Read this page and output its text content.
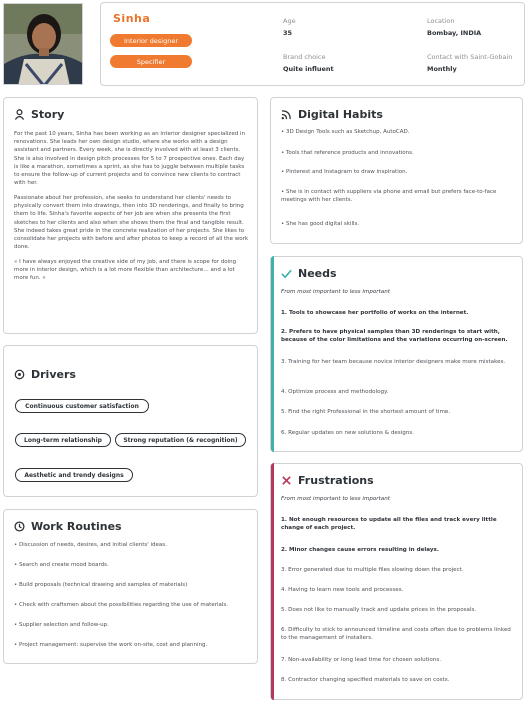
Sinha
Interior designer
Specifier
Age
35
Location
Bombay, INDIA
Brand choice
Quite influent
Contact with Saint-Gobain
Monthly
Story

For the past 10 years, Sinha has been working as an interior designer specialized in renovations. She leads her own design studio, where she works with a design assistant and partners. Every week, she is directly involved with at least 3 clients. She is also involved in design pitch processes for 5 to 7 prospective ones. Each day is like a marathon, sometimes a sprint, as she has to juggle between multiple tasks to ensure the follow-up of current projects and to convince new clients to contract with her.

Passionate about her profession, she seeks to understand her clients' needs to physically convert them into drawings, then into 3D renderings, and finally to bring them to life. Sinha's favorite aspects of her job are when she presents the first sketches to her clients and also when she shows them the final and tangible result. She indeed takes great pride in the concrete realization of her projects. She likes to consolidate her projects with before and after photos to keep a record of all the work done.

« I have always enjoyed the creative side of my job, and there is scope for doing more in interior design, which is a lot more flexible than architecture… and a lot more fun. »

Digital Habits
• 3D Design Tools such as Sketchup, AutoCAD.
• Tools that reference products and innovations.
• Pinterest and Instagram to draw inspiration.
• She is in contact with suppliers via phone and email but prefers face-to-face meetings with her clients.
• She has good digital skills.
Drivers
Continuous customer satisfaction
Long-term relationship	Strong reputation (& recognition)
Aesthetic and trendy designs
Needs
From most important to less important
1. Tools to showcase her portfolio of works on the internet.
2. Prefers to have physical samples than 3D renderings to start with, because of the color limitations and the variations occurring on-screen.
3. Training for her team because novice interior designers make more mistakes.
4. Optimize process and methodology.
5. Find the right Professional in the shortest amount of time.
6. Regular updates on new solutions & designs.
Work Routines
• Discussion of needs, desires, and initial clients' ideas.
• Search and create mood boards.
• Build proposals (technical drawing and samples of materials)
• Check with craftsmen about the possibilities regarding the use of materials.
• Supplier selection and follow-up.
• Project management: supervise the work on-site, cost and planning.
Frustrations
From most important to less important
1. Not enough resources to update all the files and track every little change of each project.
2. Minor changes cause errors resulting in delays.
3. Error generated due to multiple files slowing down the project.
4. Having to learn new tools and processes.
5. Does not like to manually track and update prices in the proposals.
6. Difficulty to stick to announced timeline and costs often due to problems linked to the management of installers.
7. Non-availability or long lead time for chosen solutions.
8. Contractor changing specified materials to save on costs.
